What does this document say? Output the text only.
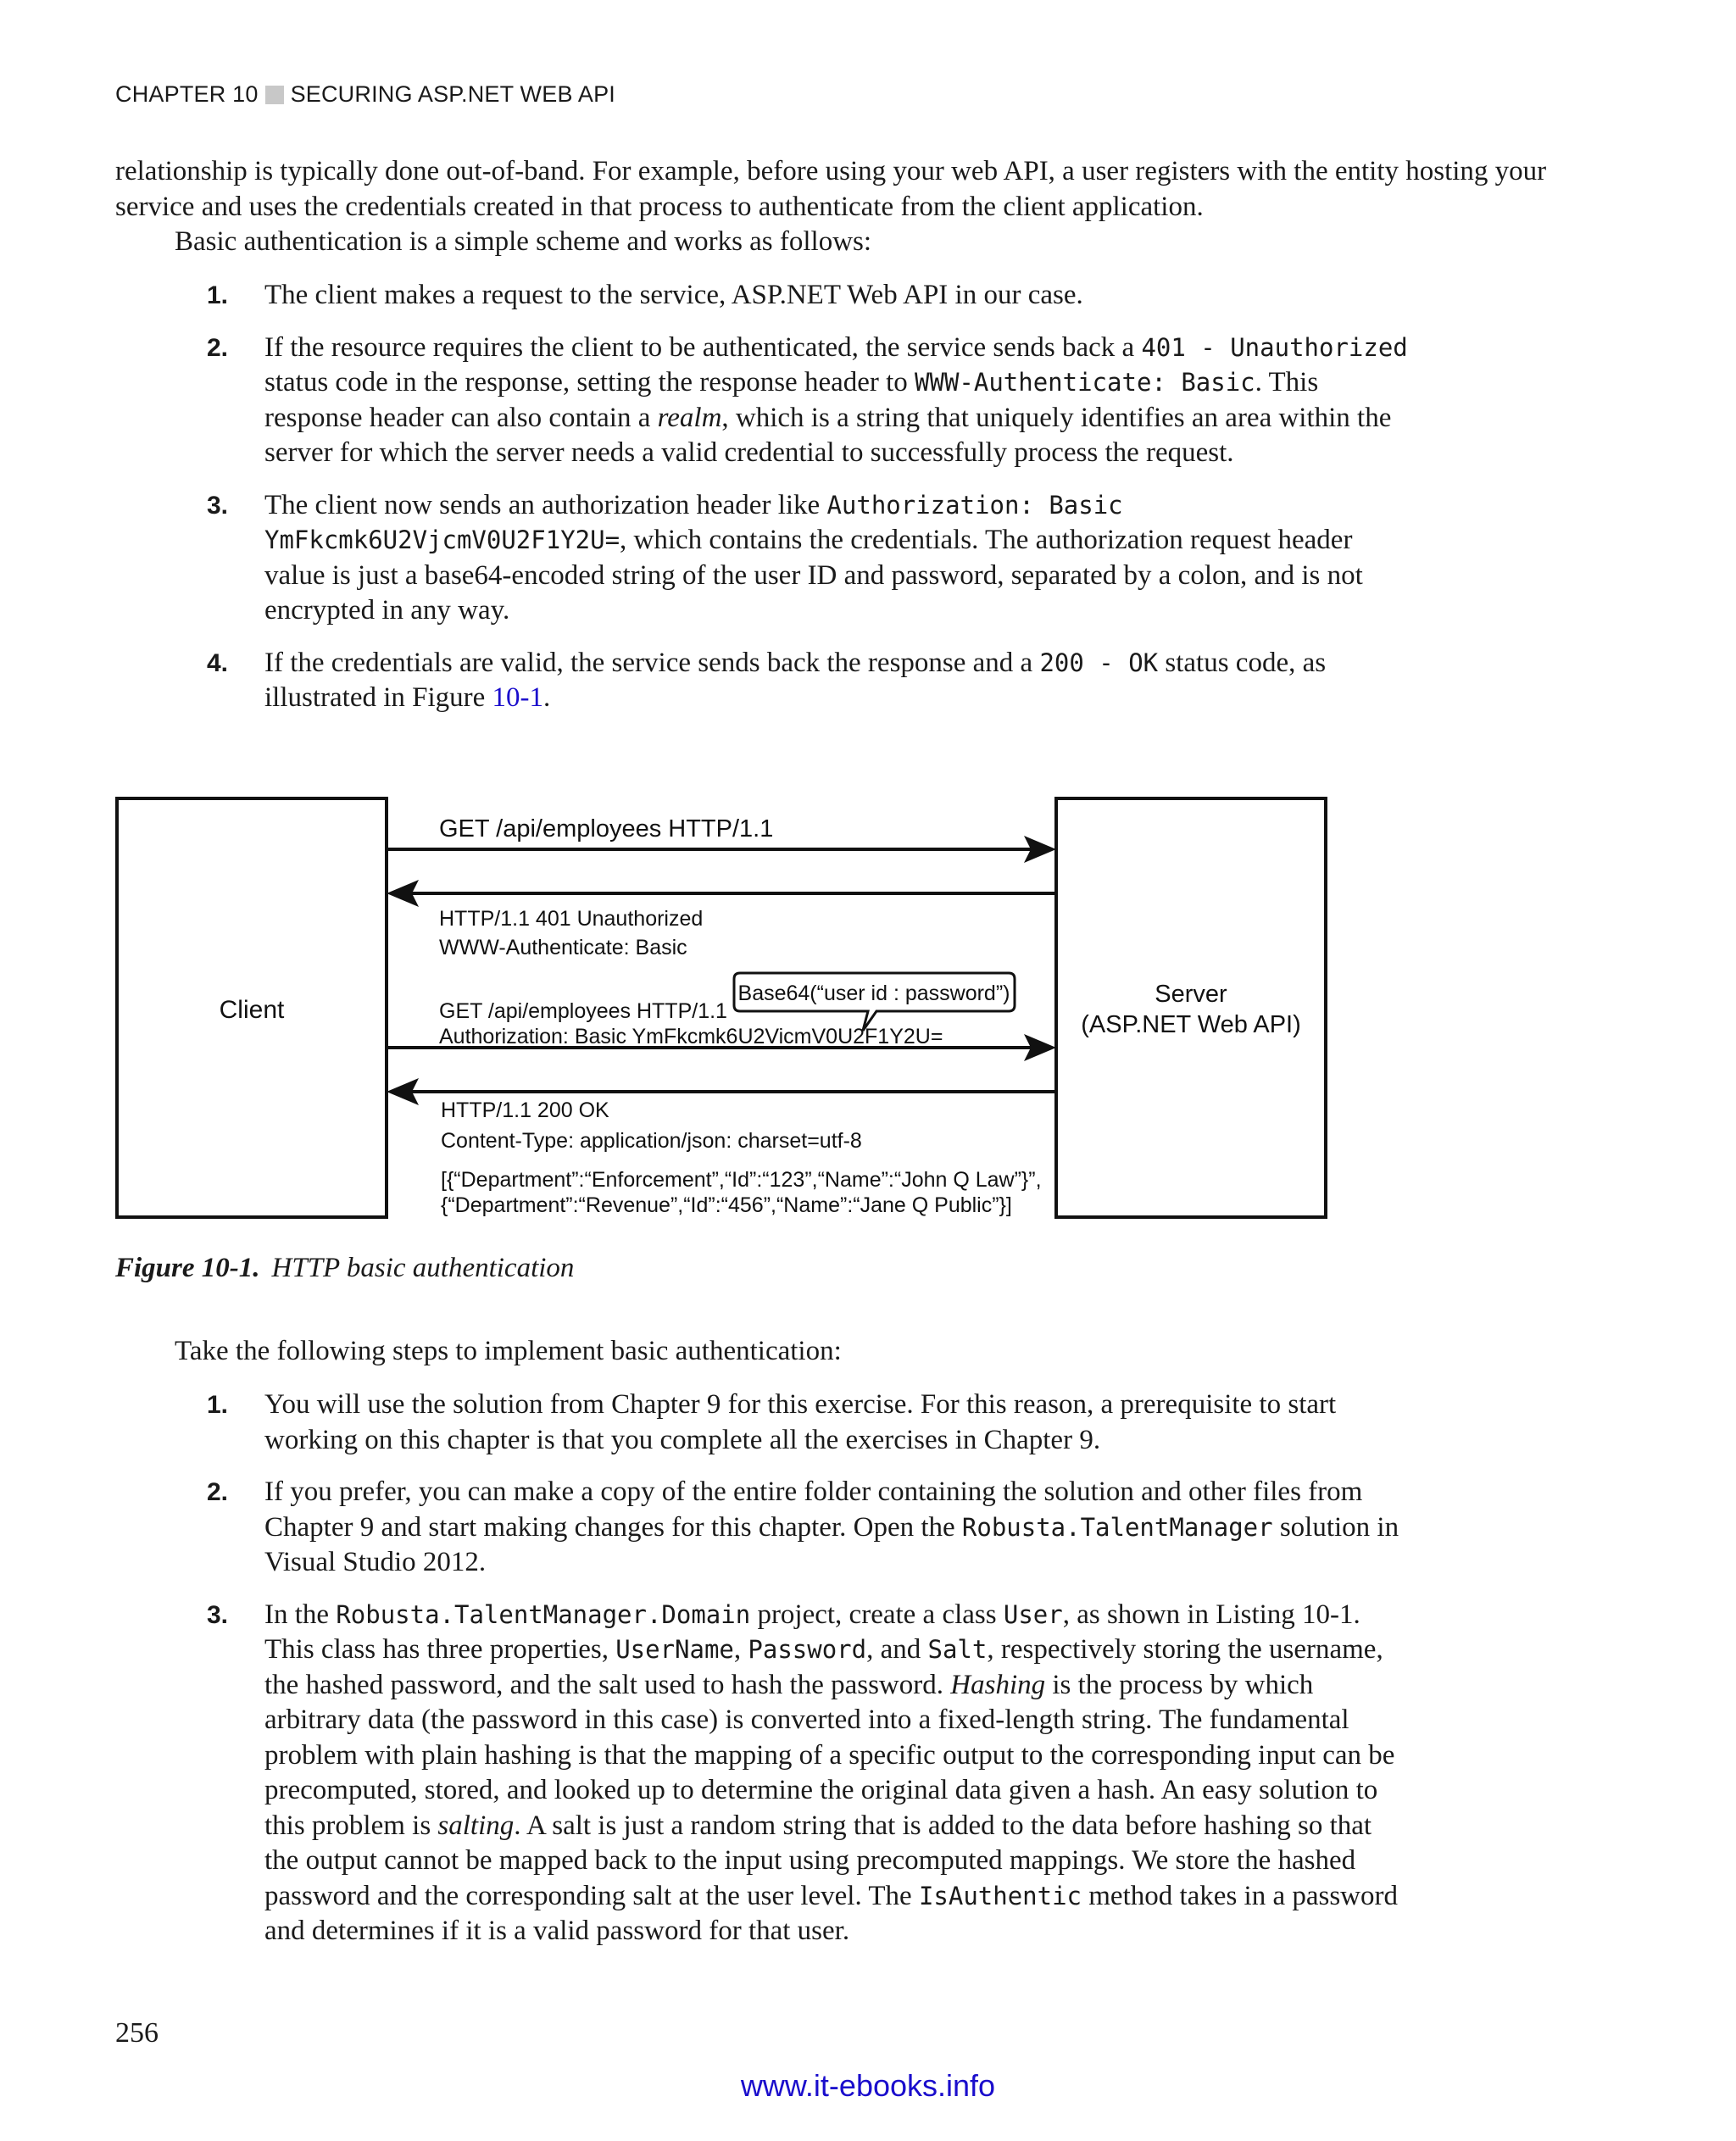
CHAPTER 10 SECURING ASP.NET WEB API

relationship is typically done out-of-band. For example, before using your web API, a user registers with the entity hosting your service and uses the credentials created in that process to authenticate from the client application.

Basic authentication is a simple scheme and works as follows:

1. The client makes a request to the service, ASP.NET Web API in our case.
2. If the resource requires the client to be authenticated, the service sends back a 401 - Unauthorized status code in the response, setting the response header to WWW-Authenticate: Basic. This response header can also contain a realm, which is a string that uniquely identifies an area within the server for which the server needs a valid credential to successfully process the request.
3. The client now sends an authorization header like Authorization: Basic YmFkcmk6U2VjcmV0U2F1Y2U=, which contains the credentials. The authorization request header value is just a base64-encoded string of the user ID and password, separated by a colon, and is not encrypted in any way.
4. If the credentials are valid, the service sends back the response and a 200 - OK status code, as illustrated in Figure 10-1.
Client
Server
(ASP.NET Web API)
GET /api/employees HTTP/1.1
HTTP/1.1 401 Unauthorized
WWW-Authenticate: Basic
Base64(“user id : password”)
GET /api/employees HTTP/1.1
Authorization: Basic YmFkcmk6U2VicmV0U2F1Y2U=
HTTP/1.1 200 OK
Content-Type: application/json: charset=utf-8
[{“Department”:“Enforcement”,“Id”:“123”,“Name”:“John Q Law”}”,
{“Department”:“Revenue”,“Id”:“456”,“Name”:“Jane Q Public”}]
Figure 10-1. HTTP basic authentication

Take the following steps to implement basic authentication:

1. You will use the solution from Chapter 9 for this exercise. For this reason, a prerequisite to start working on this chapter is that you complete all the exercises in Chapter 9.
2. If you prefer, you can make a copy of the entire folder containing the solution and other files from Chapter 9 and start making changes for this chapter. Open the Robusta.TalentManager solution in Visual Studio 2012.
3. In the Robusta.TalentManager.Domain project, create a class User, as shown in Listing 10-1. This class has three properties, UserName, Password, and Salt, respectively storing the username, the hashed password, and the salt used to hash the password. Hashing is the process by which arbitrary data (the password in this case) is converted into a fixed-length string. The fundamental problem with plain hashing is that the mapping of a specific output to the corresponding input can be precomputed, stored, and looked up to determine the original data given a hash. An easy solution to this problem is salting. A salt is just a random string that is added to the data before hashing so that the output cannot be mapped back to the input using precomputed mappings. We store the hashed password and the corresponding salt at the user level. The IsAuthentic method takes in a password and determines if it is a valid password for that user.
256
www.it-ebooks.info
